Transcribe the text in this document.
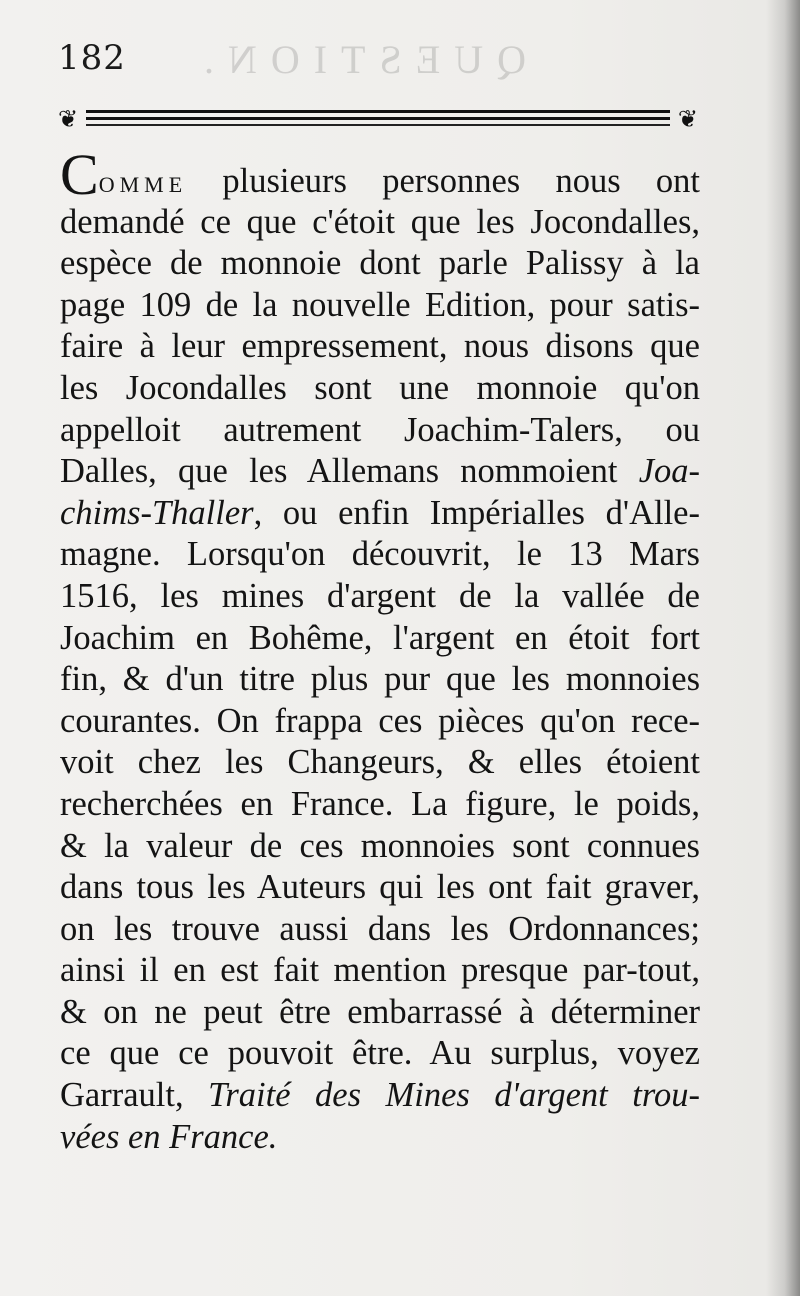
QUESTION.
182
❦	❦
COMME plusieurs personnes nous ont
demandé ce que c'étoit que les Jocondalles,
espèce de monnoie dont parle Palissy à la
page 109 de la nouvelle Edition, pour satis-
faire à leur empressement, nous disons que
les Jocondalles sont une monnoie qu'on
appelloit autrement Joachim-Talers, ou
Dalles, que les Allemans nommoient Joa-
chims-Thaller, ou enfin Impérialles d'Alle-
magne. Lorsqu'on découvrit, le 13 Mars
1516, les mines d'argent de la vallée de
Joachim en Bohême, l'argent en étoit fort
fin, & d'un titre plus pur que les monnoies
courantes. On frappa ces pièces qu'on rece-
voit chez les Changeurs, & elles étoient
recherchées en France. La figure, le poids,
& la valeur de ces monnoies sont connues
dans tous les Auteurs qui les ont fait graver,
on les trouve aussi dans les Ordonnances;
ainsi il en est fait mention presque par-tout,
& on ne peut être embarrassé à déterminer
ce que ce pouvoit être. Au surplus, voyez
Garrault, Traité des Mines d'argent trou-
vées en France.
